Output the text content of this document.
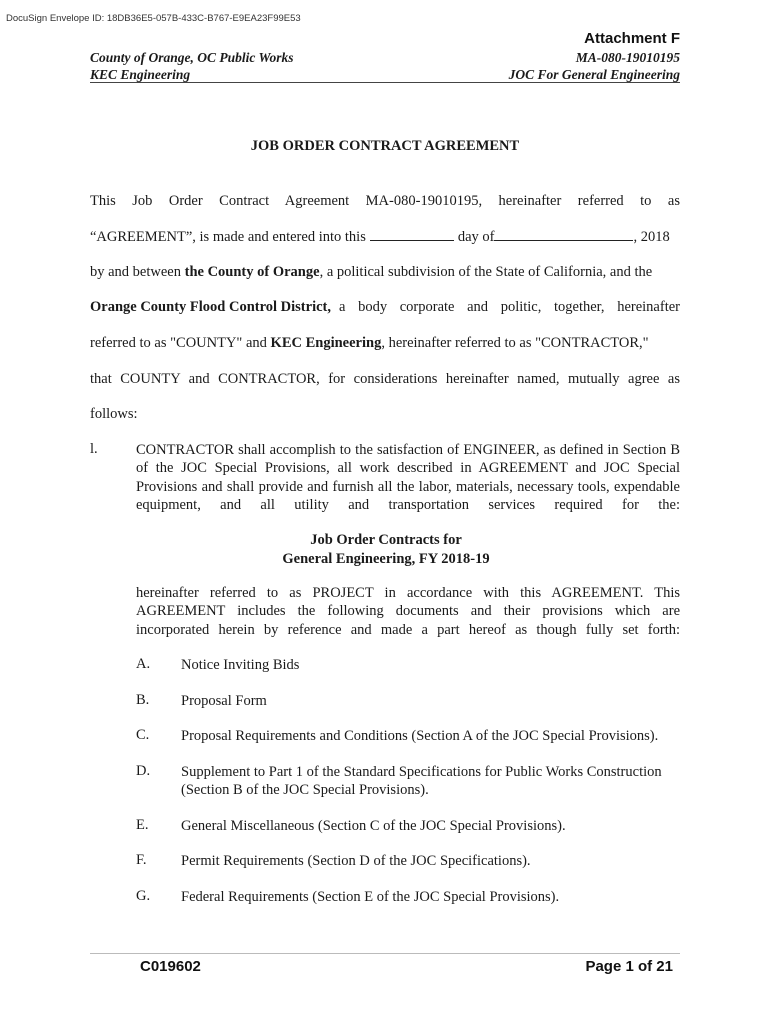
DocuSign Envelope ID: 18DB36E5-057B-433C-B767-E9EA23F99E53
Attachment F
County of Orange, OC Public Works
KEC Engineering
MA-080-19010195
JOC For General Engineering
JOB ORDER CONTRACT AGREEMENT
This Job Order Contract Agreement MA-080-19010195, hereinafter referred to as
“AGREEMENT”, is made and entered into this	day of	, 2018
by and between the County of Orange, a political subdivision of the State of California, and the
Orange County Flood Control District, a body corporate and politic, together, hereinafter
referred to as "COUNTY" and KEC Engineering, hereinafter referred to as "CONTRACTOR,"
that COUNTY and CONTRACTOR, for considerations hereinafter named, mutually agree as
follows:
l.	CONTRACTOR shall accomplish to the satisfaction of ENGINEER, as defined in Section B of the JOC Special Provisions, all work described in AGREEMENT and JOC Special Provisions and shall provide and furnish all the labor, materials, necessary tools, expendable equipment, and all utility and transportation services required for the:
Job Order Contracts for
General Engineering, FY 2018-19
hereinafter referred to as PROJECT in accordance with this AGREEMENT. This AGREEMENT includes the following documents and their provisions which are incorporated herein by reference and made a part hereof as though fully set forth:
A. Notice Inviting Bids
B. Proposal Form
C. Proposal Requirements and Conditions (Section A of the JOC Special Provisions).
D. Supplement to Part 1 of the Standard Specifications for Public Works Construction (Section B of the JOC Special Provisions).
E. General Miscellaneous (Section C of the JOC Special Provisions).
F. Permit Requirements (Section D of the JOC Specifications).
G. Federal Requirements (Section E of the JOC Special Provisions).
C019602	Page 1 of 21
